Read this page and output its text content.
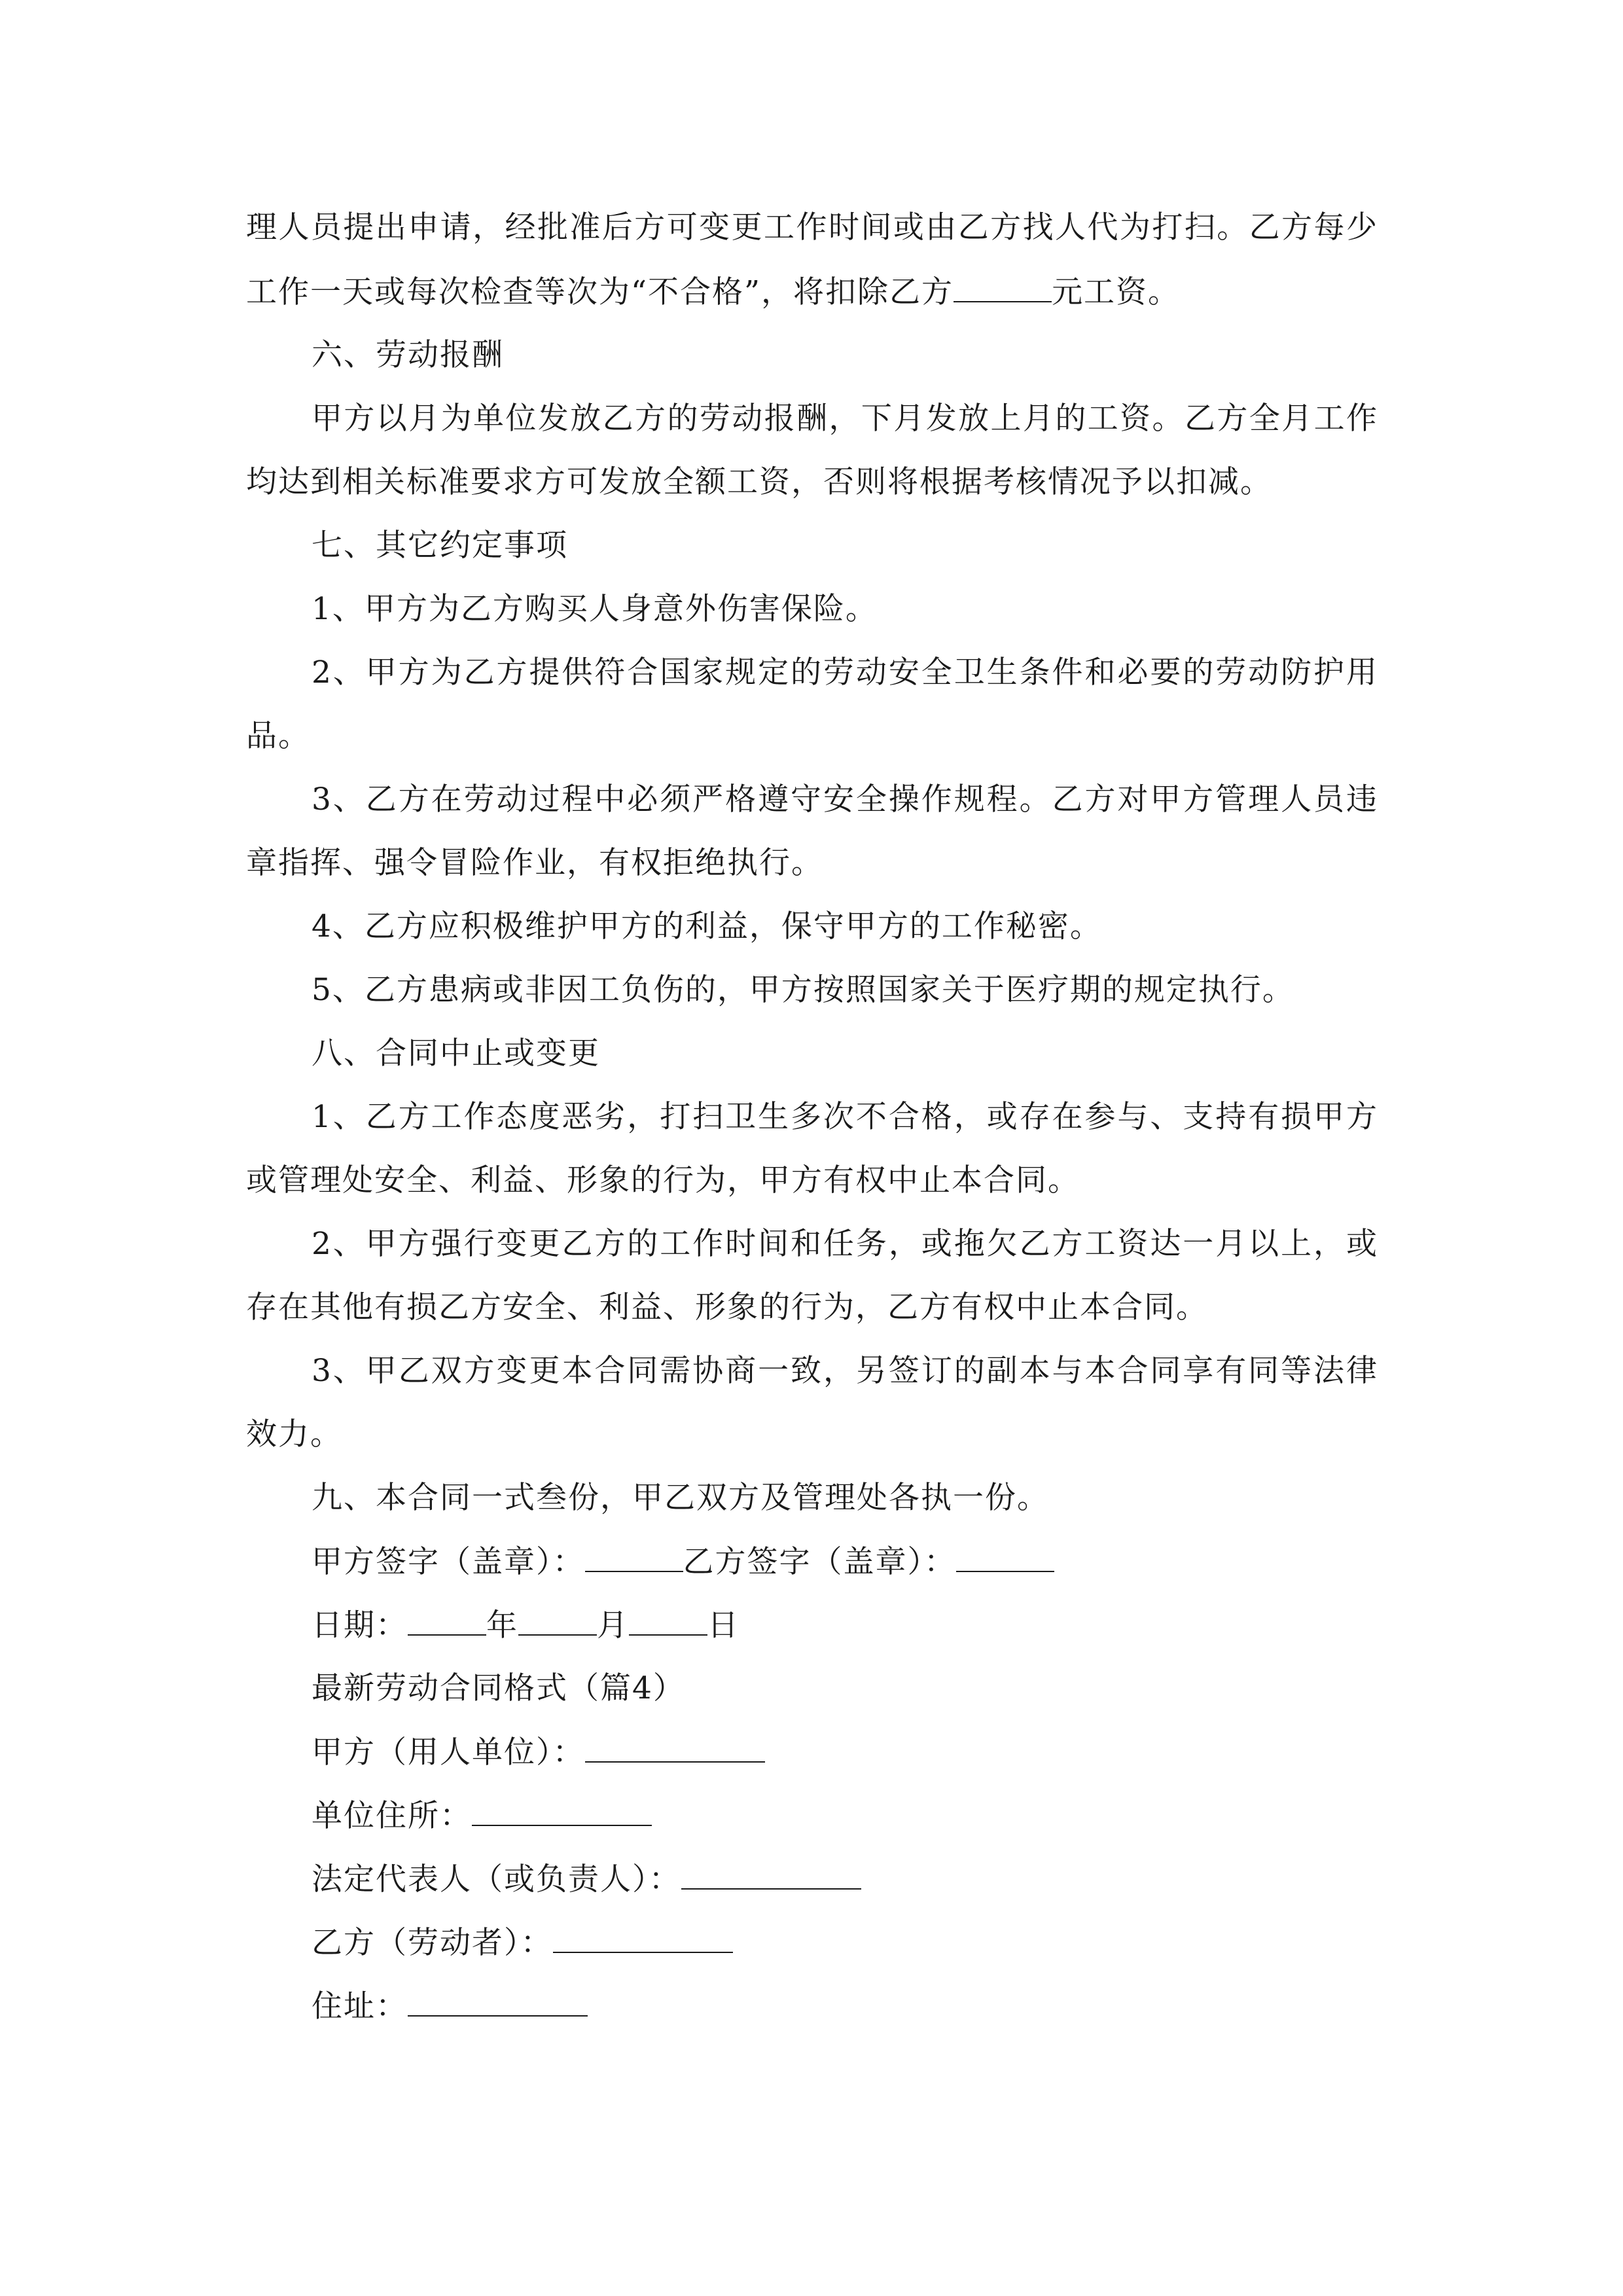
理人员提出申请，经批准后方可变更工作时间或由乙方找人代为打扫。乙方每少
工作一天或每次检查等次为“不合格”，将扣除乙方	元工资。
六、劳动报酬
甲方以月为单位发放乙方的劳动报酬，下月发放上月的工资。乙方全月工作
均达到相关标准要求方可发放全额工资，否则将根据考核情况予以扣减。
七、其它约定事项
1、甲方为乙方购买人身意外伤害保险。
2、甲方为乙方提供符合国家规定的劳动安全卫生条件和必要的劳动防护用
品。
3、乙方在劳动过程中必须严格遵守安全操作规程。乙方对甲方管理人员违
章指挥、强令冒险作业，有权拒绝执行。
4、乙方应积极维护甲方的利益，保守甲方的工作秘密。
5、乙方患病或非因工负伤的，甲方按照国家关于医疗期的规定执行。
八、合同中止或变更
1、乙方工作态度恶劣，打扫卫生多次不合格，或存在参与、支持有损甲方
或管理处安全、利益、形象的行为，甲方有权中止本合同。
2、甲方强行变更乙方的工作时间和任务，或拖欠乙方工资达一月以上，或
存在其他有损乙方安全、利益、形象的行为，乙方有权中止本合同。
3、甲乙双方变更本合同需协商一致，另签订的副本与本合同享有同等法律
效力。
九、本合同一式叁份，甲乙双方及管理处各执一份。
甲方签字（盖章）：	乙方签字（盖章）：
日期：	年	月	日
最新劳动合同格式（篇4）
甲方（用人单位）：
单位住所：
法定代表人（或负责人）：
乙方（劳动者）：
住址：
